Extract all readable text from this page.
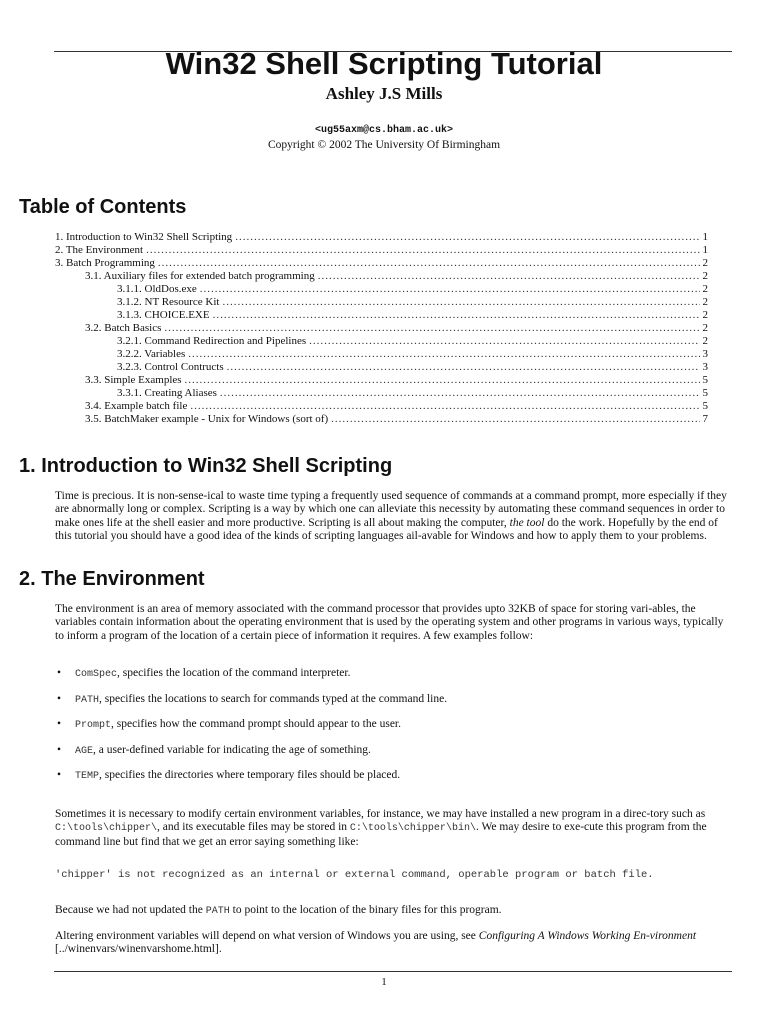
Win32 Shell Scripting Tutorial
Ashley J.S Mills
<ug55axm@cs.bham.ac.uk>
Copyright © 2002 The University Of Birmingham
Table of Contents
1. Introduction to Win32 Shell Scripting .....	1
2. The Environment .....	1
3. Batch Programming .....	2
3.1. Auxiliary files for extended batch programming .....	2
3.1.1. OldDos.exe .....	2
3.1.2. NT Resource Kit .....	2
3.1.3. CHOICE.EXE .....	2
3.2. Batch Basics .....	2
3.2.1. Command Redirection and Pipelines .....	2
3.2.2. Variables .....	3
3.2.3. Control Contructs .....	3
3.3. Simple Examples .....	5
3.3.1. Creating Aliases .....	5
3.4. Example batch file .....	5
3.5. BatchMaker example - Unix for Windows (sort of) .....	7
1. Introduction to Win32 Shell Scripting

Time is precious. It is non-sense-ical to waste time typing a frequently used sequence of commands at a command prompt, more especially if they are abnormally long or complex. Scripting is a way by which one can alleviate this necessity by automating these command sequences in order to make ones life at the shell easier and more productive. Scripting is all about making the computer, the tool do the work. Hopefully by the end of this tutorial you should have a good idea of the kinds of scripting languages ail-avable for Windows and how to apply them to your problems.

2. The Environment

The environment is an area of memory associated with the command processor that provides upto 32KB of space for storing vari-ables, the variables contain information about the operating environment that is used by the operating system and other programs in various ways, typically to inform a program of the location of a certain piece of information it requires. A few examples follow:

• ComSpec, specifies the location of the command interpreter.
• PATH, specifies the locations to search for commands typed at the command line.
• Prompt, specifies how the command prompt should appear to the user.
• AGE, a user-defined variable for indicating the age of something.
• TEMP, specifies the directories where temporary files should be placed.

Sometimes it is necessary to modify certain environment variables, for instance, we may have installed a new program in a direc-tory such as C:\tools\chipper\, and its executable files may be stored in C:\tools\chipper\bin\. We may desire to exe-cute this program from the command line but find that we get an error saying something like:

'chipper' is not recognized as an internal or external command, operable program or batch file.

Because we had not updated the PATH to point to the location of the binary files for this program.

Altering environment variables will depend on what version of Windows you are using, see Configuring A Windows Working En-vironment [../winenvars/winenvarshome.html].

1
